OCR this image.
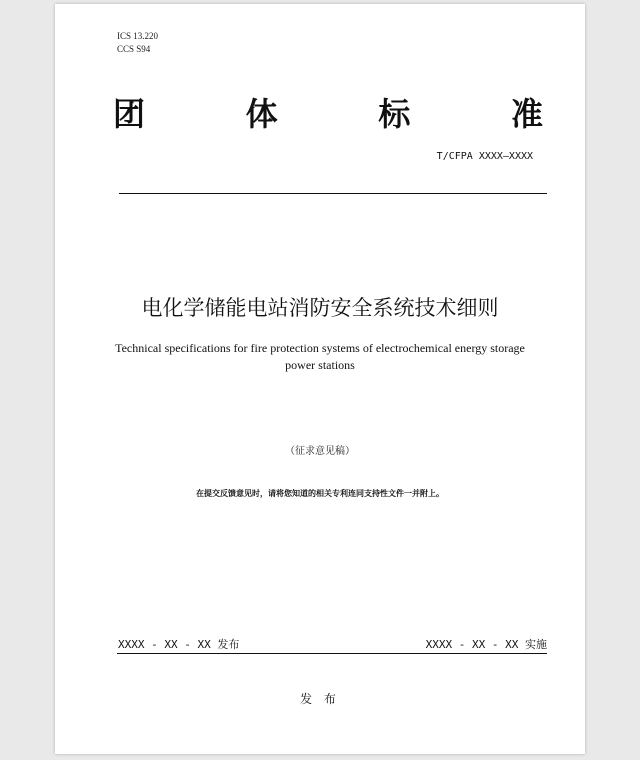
ICS 13.220
CCS S94
团	体	标	准
T/CFPA XXXX—XXXX
电化学储能电站消防安全系统技术细则
Technical specifications for fire protection systems of electrochemical energy storage
power stations
（征求意见稿）
在提交反馈意见时，请将您知道的相关专利连同支持性文件一并附上。
XXXX - XX - XX 发布	XXXX - XX - XX 实施
发 布
